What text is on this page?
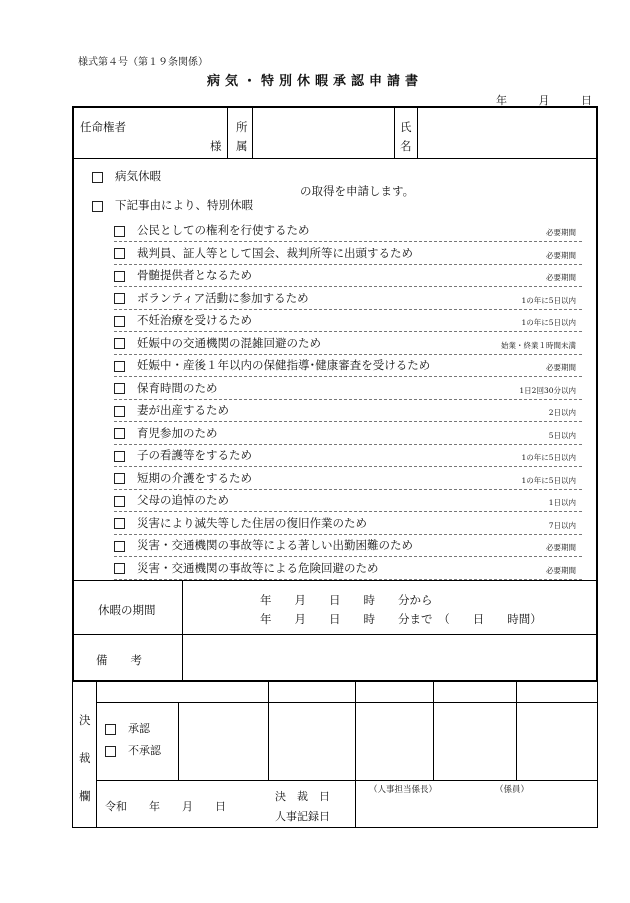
様式第４号（第１９条関係）
病気・特別休暇承認申請書
年	月	日
任命権者
様
所
属
氏
名
病気休暇
の取得を申請します。
下記事由により、特別休暇
公民としての権利を行使するため	必要期間
裁判員、証人等として国会、裁判所等に出頭するため	必要期間
骨髄提供者となるため	必要期間
ボランティア活動に参加するため	1の年に5日以内
不妊治療を受けるため	1の年に5日以内
妊娠中の交通機関の混雑回避のため	始業・終業１時間未満
妊娠中・産後１年以内の保健指導･健康審査を受けるため	必要期間
保育時間のため	1日2回30分以内
妻が出産するため	2日以内
育児参加のため	5日以内
子の看護等をするため	1の年に5日以内
短期の介護をするため	1の年に5日以内
父母の追悼のため	1日以内
災害により滅失等した住居の復旧作業のため	7日以内
災害・交通機関の事故等による著しい出勤困難のため	必要期間
災害・交通機関の事故等による危険回避のため	必要期間
休暇の期間
年　　月　　日　　時　　分から
年　　月　　日　　時　　分まで　（　　日　　時間）
備　　考
決
裁
欄
承認
不承認
令和　　年　　月　　日
決　裁　日
人事記録日
（人事担当係長）	（係員）
